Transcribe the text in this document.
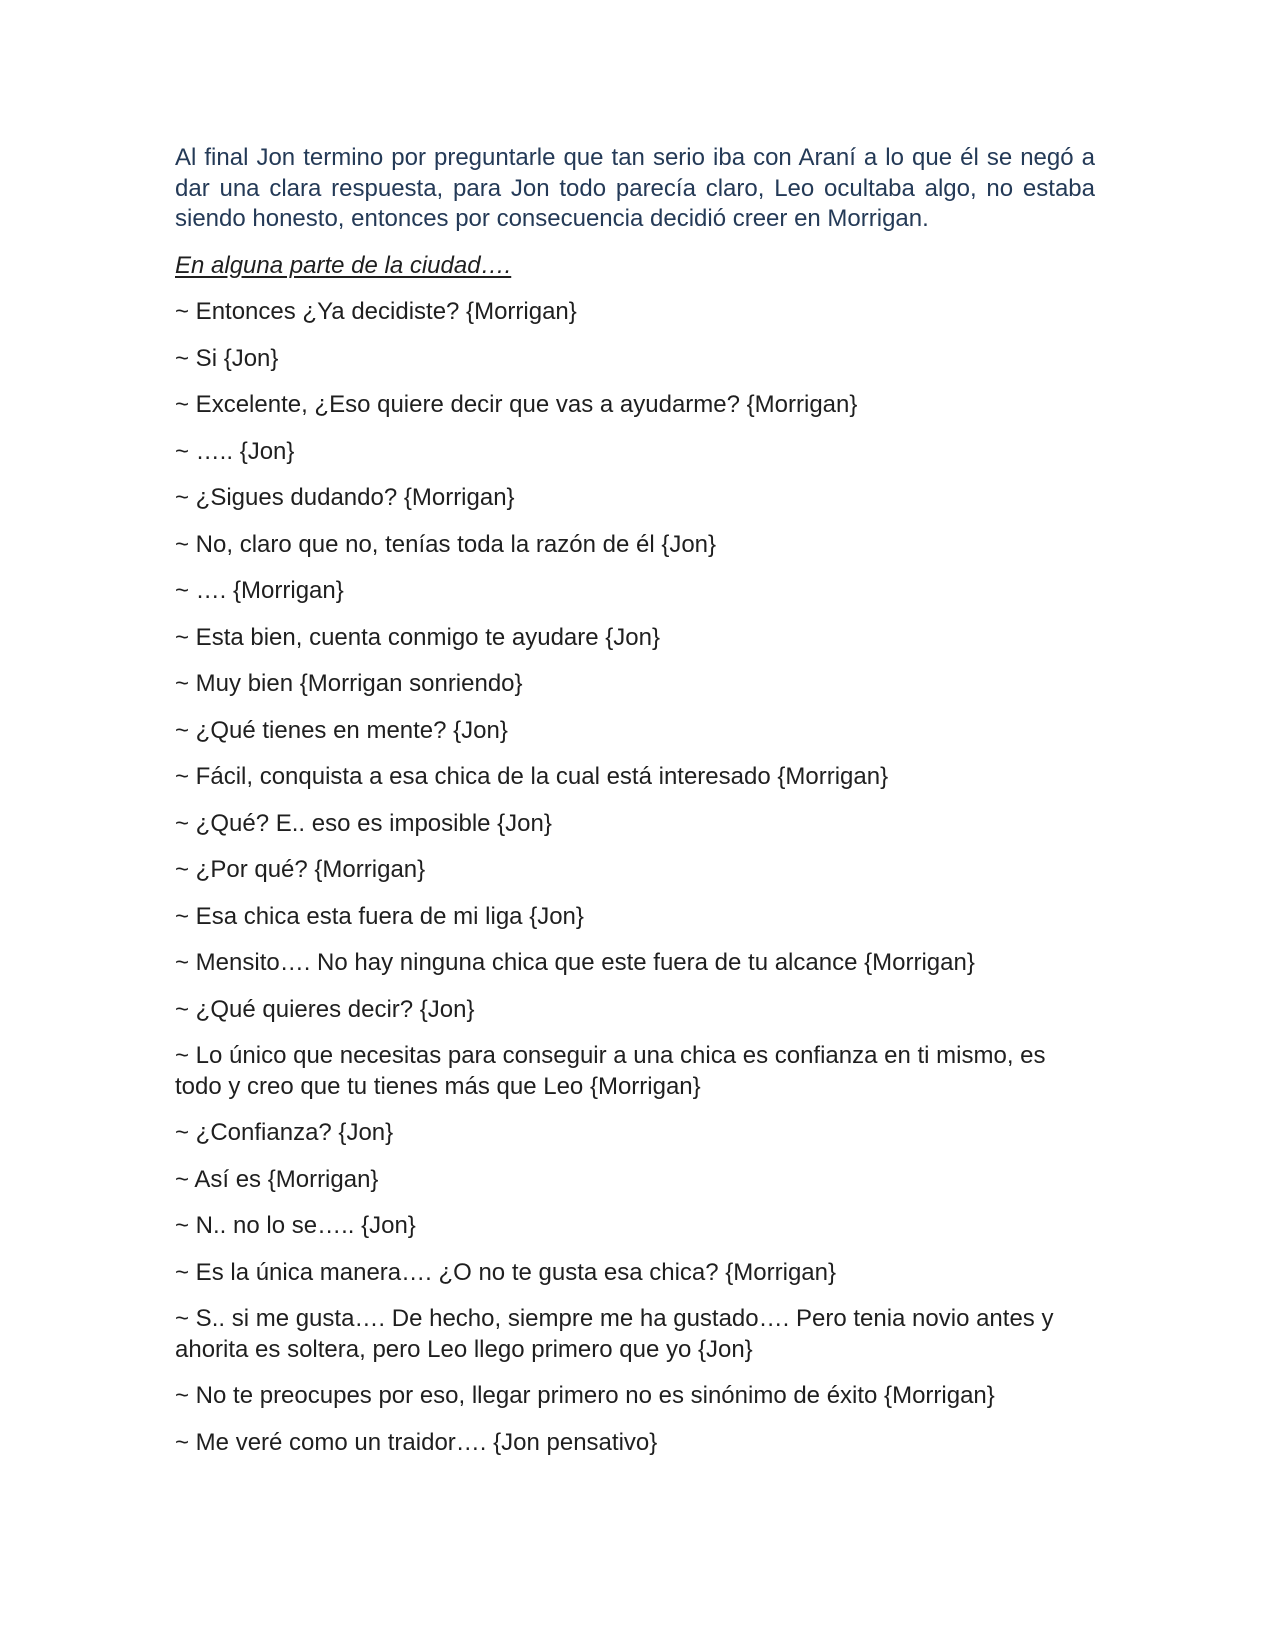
Al final Jon termino por preguntarle que tan serio iba con Araní a lo que él se negó a dar una clara respuesta, para Jon todo parecía claro, Leo ocultaba algo, no estaba siendo honesto, entonces por consecuencia decidió creer en Morrigan.

En alguna parte de la ciudad….

~ Entonces ¿Ya decidiste? {Morrigan}

~ Si {Jon}

~ Excelente, ¿Eso quiere decir que vas a ayudarme? {Morrigan}

~ ….. {Jon}

~ ¿Sigues dudando? {Morrigan}

~ No, claro que no, tenías toda la razón de él {Jon}

~ …. {Morrigan}

~ Esta bien, cuenta conmigo te ayudare {Jon}

~ Muy bien {Morrigan sonriendo}

~ ¿Qué tienes en mente? {Jon}

~ Fácil, conquista a esa chica de la cual está interesado {Morrigan}

~ ¿Qué? E.. eso es imposible {Jon}

~ ¿Por qué? {Morrigan}

~ Esa chica esta fuera de mi liga {Jon}

~ Mensito…. No hay ninguna chica que este fuera de tu alcance {Morrigan}

~ ¿Qué quieres decir? {Jon}

~ Lo único que necesitas para conseguir a una chica es confianza en ti mismo, es todo y creo que tu tienes más que Leo {Morrigan}

~ ¿Confianza? {Jon}

~ Así es {Morrigan}

~ N.. no lo se….. {Jon}

~ Es la única manera…. ¿O no te gusta esa chica? {Morrigan}

~ S.. si me gusta…. De hecho, siempre me ha gustado…. Pero tenia novio antes y ahorita es soltera, pero Leo llego primero que yo {Jon}

~ No te preocupes por eso, llegar primero no es sinónimo de éxito {Morrigan}

~ Me veré como un traidor…. {Jon pensativo}
